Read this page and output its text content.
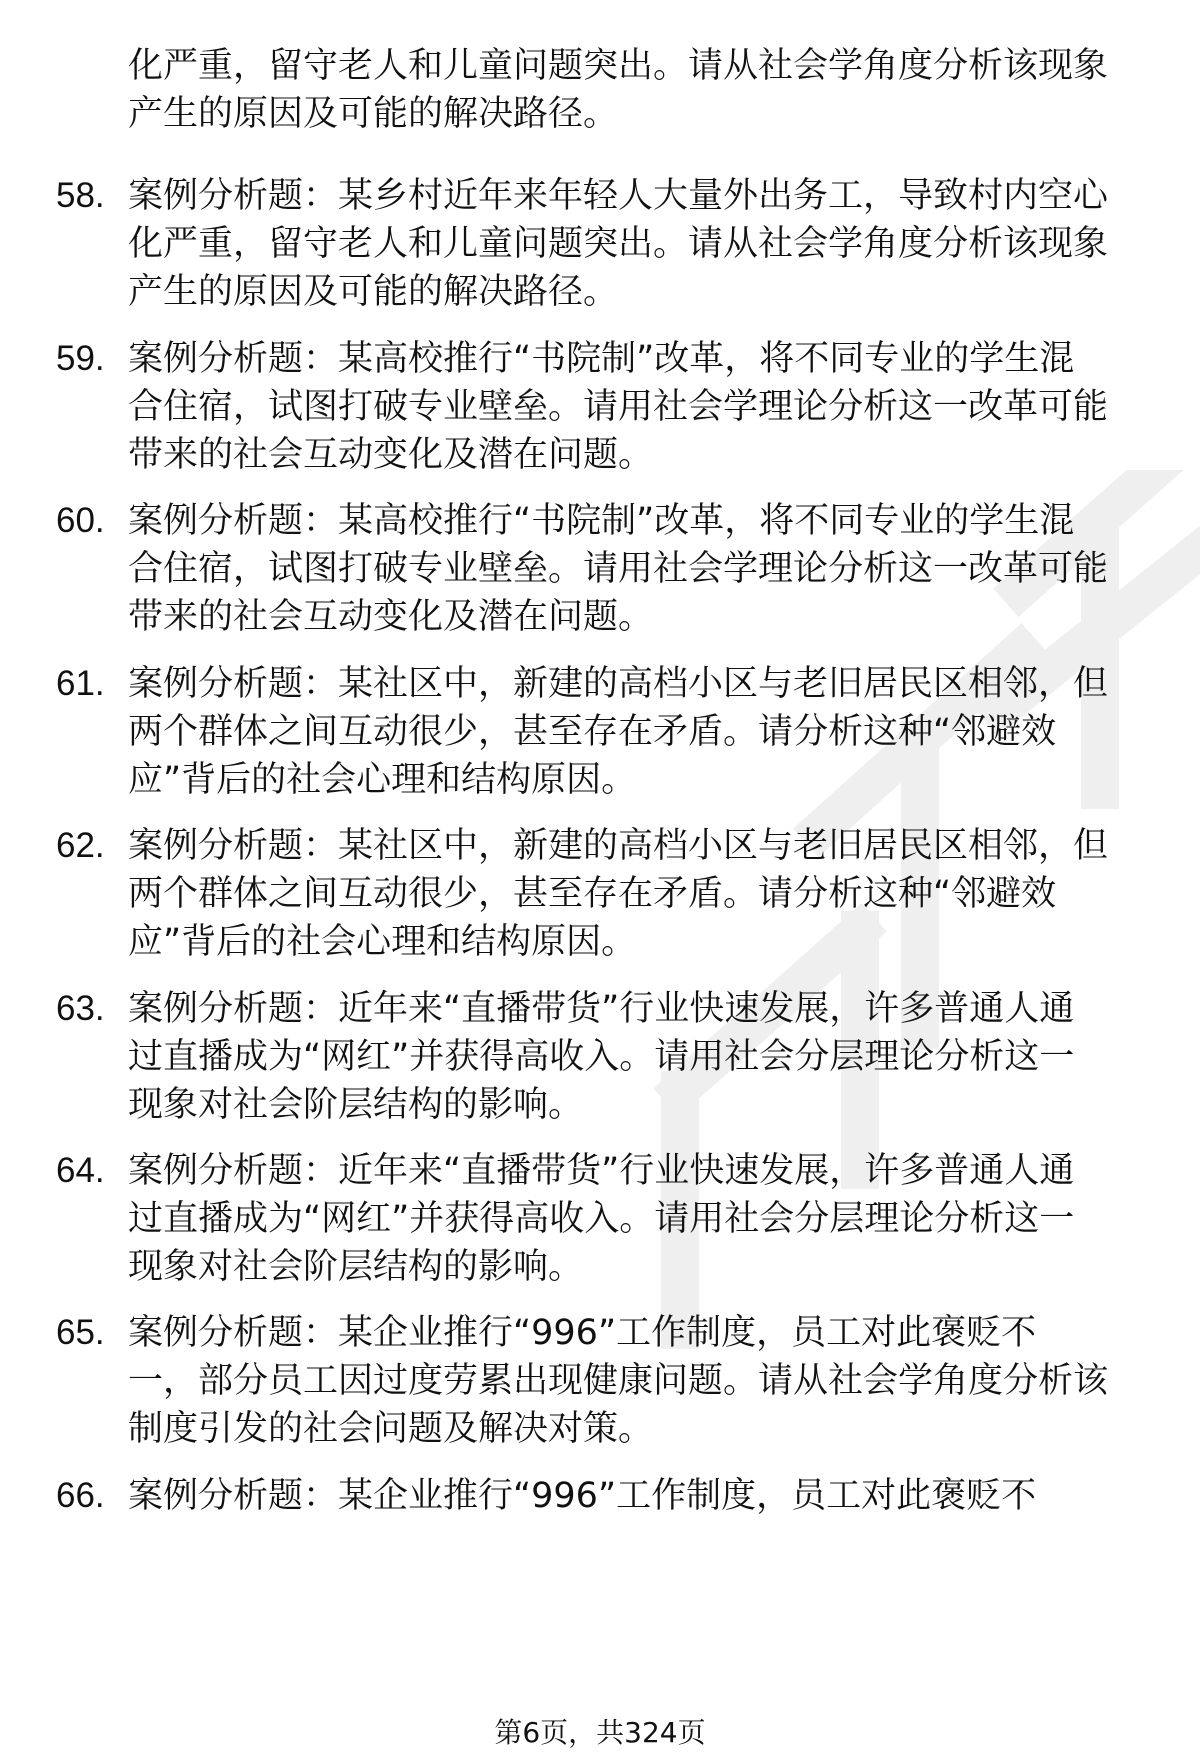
化严重，留守老人和儿童问题突出。请从社会学角度分析该现象
产生的原因及可能的解决路径。
58. 案例分析题：某乡村近年来年轻人大量外出务工，导致村内空心
化严重，留守老人和儿童问题突出。请从社会学角度分析该现象
产生的原因及可能的解决路径。
59. 案例分析题：某高校推行“书院制”改革，将不同专业的学生混
合住宿，试图打破专业壁垒。请用社会学理论分析这一改革可能
带来的社会互动变化及潜在问题。
60. 案例分析题：某高校推行“书院制”改革，将不同专业的学生混
合住宿，试图打破专业壁垒。请用社会学理论分析这一改革可能
带来的社会互动变化及潜在问题。
61. 案例分析题：某社区中，新建的高档小区与老旧居民区相邻，但
两个群体之间互动很少，甚至存在矛盾。请分析这种“邻避效
应”背后的社会心理和结构原因。
62. 案例分析题：某社区中，新建的高档小区与老旧居民区相邻，但
两个群体之间互动很少，甚至存在矛盾。请分析这种“邻避效
应”背后的社会心理和结构原因。
63. 案例分析题：近年来“直播带货”行业快速发展，许多普通人通
过直播成为“网红”并获得高收入。请用社会分层理论分析这一
现象对社会阶层结构的影响。
64. 案例分析题：近年来“直播带货”行业快速发展，许多普通人通
过直播成为“网红”并获得高收入。请用社会分层理论分析这一
现象对社会阶层结构的影响。
65. 案例分析题：某企业推行“996”工作制度，员工对此褒贬不
一，部分员工因过度劳累出现健康问题。请从社会学角度分析该
制度引发的社会问题及解决对策。
66. 案例分析题：某企业推行“996”工作制度，员工对此褒贬不
第6页，共324页
